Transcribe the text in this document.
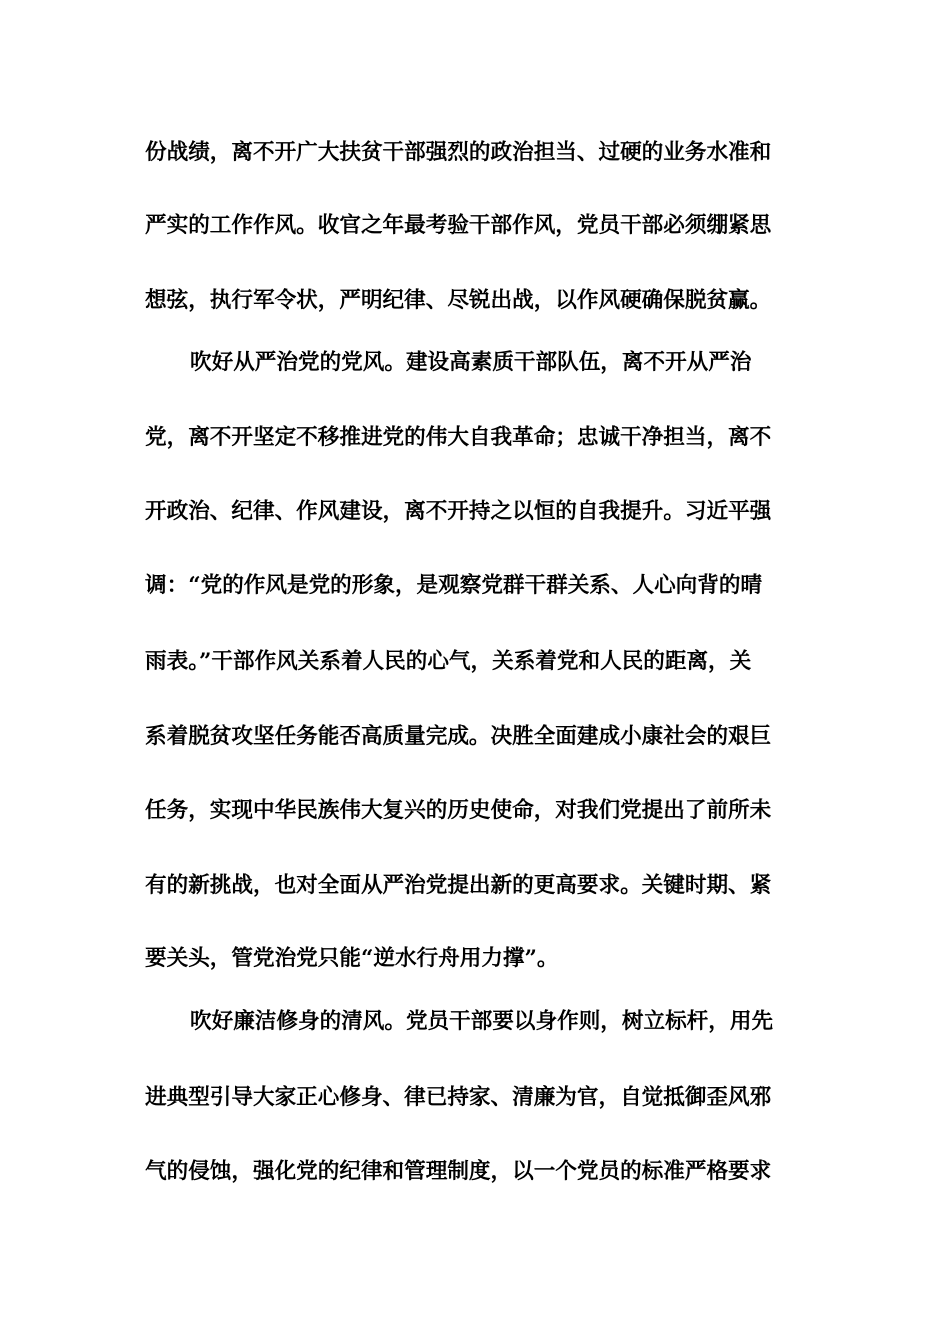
份战绩，离不开广大扶贫干部强烈的政治担当、过硬的业务水准和
严实的工作作风。收官之年最考验干部作风，党员干部必须绷紧思
想弦，执行军令状，严明纪律、尽锐出战，以作风硬确保脱贫赢。
吹好从严治党的党风。建设高素质干部队伍，离不开从严治
党，离不开坚定不移推进党的伟大自我革命；忠诚干净担当，离不
开政治、纪律、作风建设，离不开持之以恒的自我提升。习近平强
调：“党的作风是党的形象，是观察党群干群关系、人心向背的晴
雨表。”干部作风关系着人民的心气，关系着党和人民的距离，关
系着脱贫攻坚任务能否高质量完成。决胜全面建成小康社会的艰巨
任务，实现中华民族伟大复兴的历史使命，对我们党提出了前所未
有的新挑战，也对全面从严治党提出新的更高要求。关键时期、紧
要关头，管党治党只能“逆水行舟用力撑”。
吹好廉洁修身的清风。党员干部要以身作则，树立标杆，用先
进典型引导大家正心修身、律已持家、清廉为官，自觉抵御歪风邪
气的侵蚀，强化党的纪律和管理制度，以一个党员的标准严格要求
